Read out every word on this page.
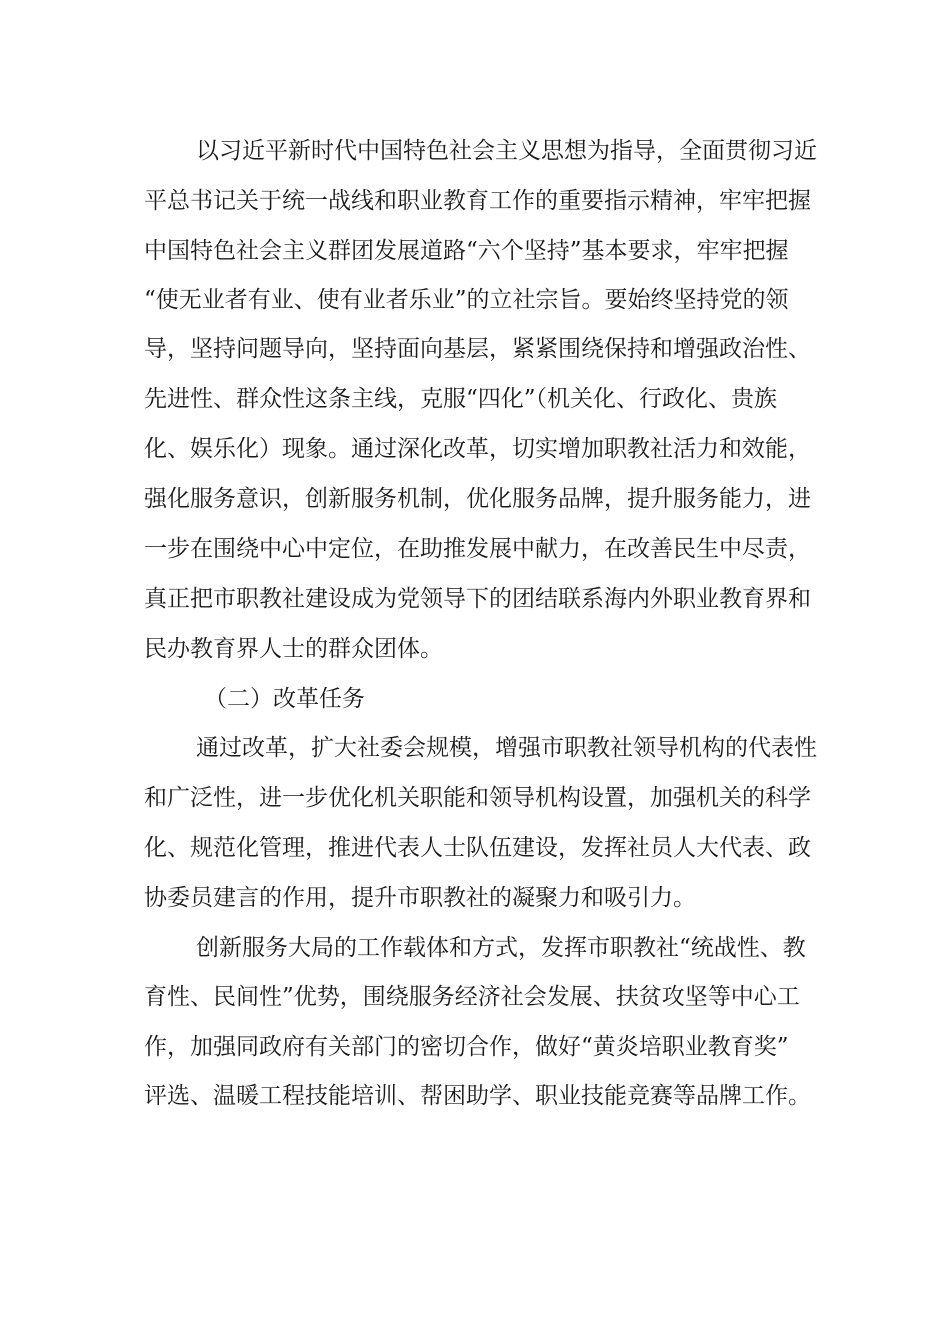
以习近平新时代中国特色社会主义思想为指导，全面贯彻习近
平总书记关于统一战线和职业教育工作的重要指示精神，牢牢把握
中国特色社会主义群团发展道路“六个坚持”基本要求，牢牢把握
“使无业者有业、使有业者乐业”的立社宗旨。要始终坚持党的领
导，坚持问题导向，坚持面向基层，紧紧围绕保持和增强政治性、
先进性、群众性这条主线，克服“四化”（机关化、行政化、贵族
化、娱乐化）现象。通过深化改革，切实增加职教社活力和效能，
强化服务意识，创新服务机制，优化服务品牌，提升服务能力，进
一步在围绕中心中定位，在助推发展中献力，在改善民生中尽责，
真正把市职教社建设成为党领导下的团结联系海内外职业教育界和
民办教育界人士的群众团体。
（二）改革任务
通过改革，扩大社委会规模，增强市职教社领导机构的代表性
和广泛性，进一步优化机关职能和领导机构设置，加强机关的科学
化、规范化管理，推进代表人士队伍建设，发挥社员人大代表、政
协委员建言的作用，提升市职教社的凝聚力和吸引力。
创新服务大局的工作载体和方式，发挥市职教社“统战性、教
育性、民间性”优势，围绕服务经济社会发展、扶贫攻坚等中心工
作，加强同政府有关部门的密切合作，做好“黄炎培职业教育奖”
评选、温暖工程技能培训、帮困助学、职业技能竞赛等品牌工作。
